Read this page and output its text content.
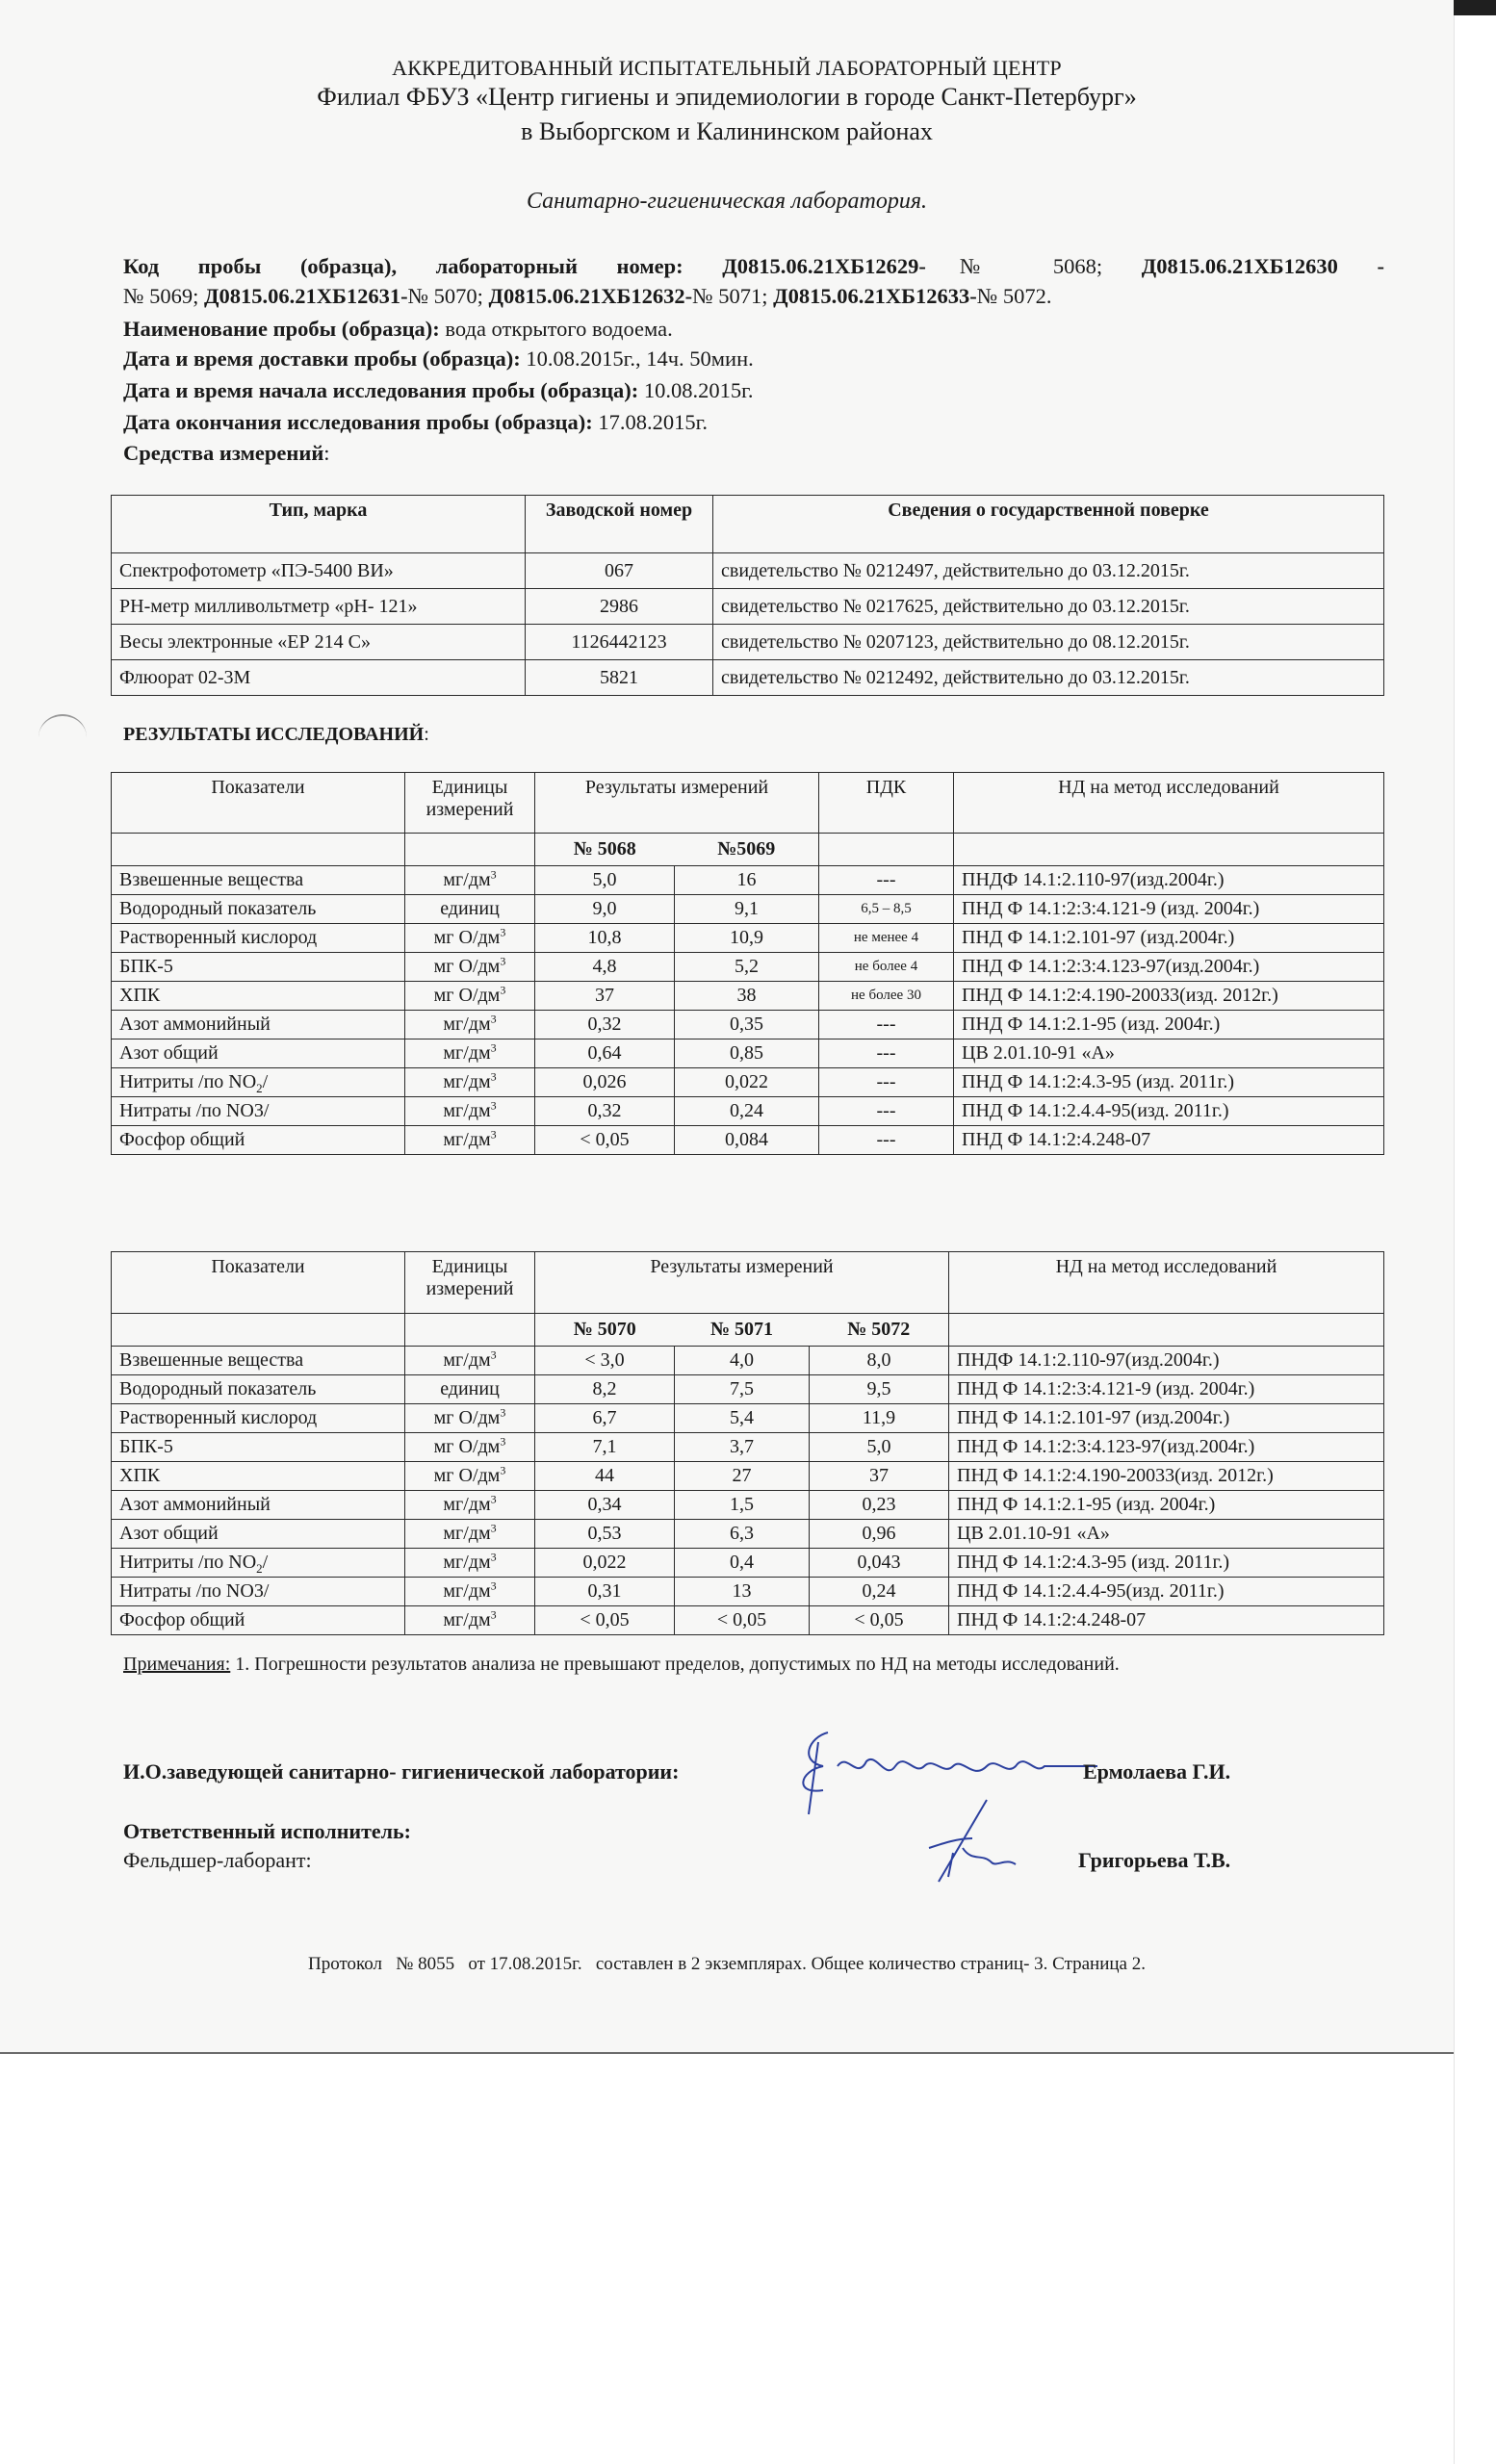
АККРЕДИТОВАННЫЙ ИСПЫТАТЕЛЬНЫЙ ЛАБОРАТОРНЫЙ ЦЕНТР
Филиал ФБУЗ «Центр гигиены и эпидемиологии в городе Санкт-Петербург»
в Выборгском и Калининском районах
Санитарно-гигиеническая лаборатория.
Код пробы (образца), лабораторный номер: Д0815.06.21ХБ12629-№ 5068; Д0815.06.21ХБ12630 -
№ 5069; Д0815.06.21ХБ12631-№ 5070; Д0815.06.21ХБ12632-№ 5071; Д0815.06.21ХБ12633-№ 5072.
Наименование пробы (образца): вода открытого водоема.
Дата и время доставки пробы (образца): 10.08.2015г., 14ч. 50мин.
Дата и время начала исследования пробы (образца): 10.08.2015г.
Дата окончания исследования пробы (образца): 17.08.2015г.
Средства измерений:
Тип, марка	Заводской номер	Сведения о государственной поверке
Спектрофотометр «ПЭ-5400 ВИ»	067	свидетельство № 0212497, действительно до 03.12.2015г.
РН-метр милливольтметр «рН- 121»	2986	свидетельство № 0217625, действительно до 03.12.2015г.
Весы электронные «ЕР 214 С»	1126442123	свидетельство № 0207123, действительно до 08.12.2015г.
Флюорат 02-3М	5821	свидетельство № 0212492, действительно до 03.12.2015г.
РЕЗУЛЬТАТЫ ИССЛЕДОВАНИЙ:
Показатели	Единицы измерений	Результаты измерений		ПДК	НД на метод исследований
		№ 5068	№5069		
Взвешенные вещества	$мг/дм^3$	5,0	16	---	ПНДФ 14.1:2.110-97(изд.2004г.)
Водородный показатель	единиц	9,0	9,1	6,5 – 8,5	ПНД Ф 14.1:2:3:4.121-9 (изд. 2004г.)
Растворенный кислород	мг $О/дм^3$	10,8	10,9	не менее 4	ПНД Ф 14.1:2.101-97 (изд.2004г.)
БПК-5	мг $О/дм^3$	4,8	5,2	не более 4	ПНД Ф 14.1:2:3:4.123-97(изд.2004г.)
ХПК	мг $О/дм^3$	37	38	не более 30	ПНД Ф 14.1:2:4.190-20033(изд. 2012г.)
Азот аммонийный	$мг/дм^3$	0,32	0,35	---	ПНД Ф 14.1:2.1-95 (изд. 2004г.)
Азот общий	$мг/дм^3$	0,64	0,85	---	ЦВ 2.01.10-91 «А»
Нитриты /по $NO_2/$	$мг/дм^3$	0,026	0,022	---	ПНД Ф 14.1:2:4.3-95 (изд. 2011г.)
Нитраты /по NO3/	$мг/дм^3$	0,32	0,24	---	ПНД Ф 14.1:2.4.4-95(изд. 2011г.)
Фосфор общий	$мг/дм^3$	< 0,05	0,084	---	ПНД Ф 14.1:2:4.248-07
Показатели	Единицы измерений	Результаты измерений			НД на метод исследований
		№ 5070	№ 5071	№ 5072	
Взвешенные вещества	$мг/дм^3$	< 3,0	4,0	8,0	ПНДФ 14.1:2.110-97(изд.2004г.)
Водородный показатель	единиц	8,2	7,5	9,5	ПНД Ф 14.1:2:3:4.121-9 (изд. 2004г.)
Растворенный кислород	мг $О/дм^3$	6,7	5,4	11,9	ПНД Ф 14.1:2.101-97 (изд.2004г.)
БПК-5	мг $О/дм^3$	7,1	3,7	5,0	ПНД Ф 14.1:2:3:4.123-97(изд.2004г.)
ХПК	мг $О/дм^3$	44	27	37	ПНД Ф 14.1:2:4.190-20033(изд. 2012г.)
Азот аммонийный	$мг/дм^3$	0,34	1,5	0,23	ПНД Ф 14.1:2.1-95 (изд. 2004г.)
Азот общий	$мг/дм^3$	0,53	6,3	0,96	ЦВ 2.01.10-91 «А»
Нитриты /по $NO_2/$	$мг/дм^3$	0,022	0,4	0,043	ПНД Ф 14.1:2:4.3-95 (изд. 2011г.)
Нитраты /по NO3/	$мг/дм^3$	0,31	13	0,24	ПНД Ф 14.1:2.4.4-95(изд. 2011г.)
Фосфор общий	$мг/дм^3$	< 0,05	< 0,05	< 0,05	ПНД Ф 14.1:2:4.248-07
Примечания: 1. Погрешности результатов анализа не превышают пределов, допустимых по НД на методы исследований.
И.О.заведующей санитарно- гигиенической лаборатории:	Ермолаева Г.И.
Ответственный исполнитель:
Фельдшер-лаборант:	Григорьева Т.В.
Протокол   № 8055   от 17.08.2015г.   составлен в 2 экземплярах. Общее количество страниц- 3. Страница 2.
